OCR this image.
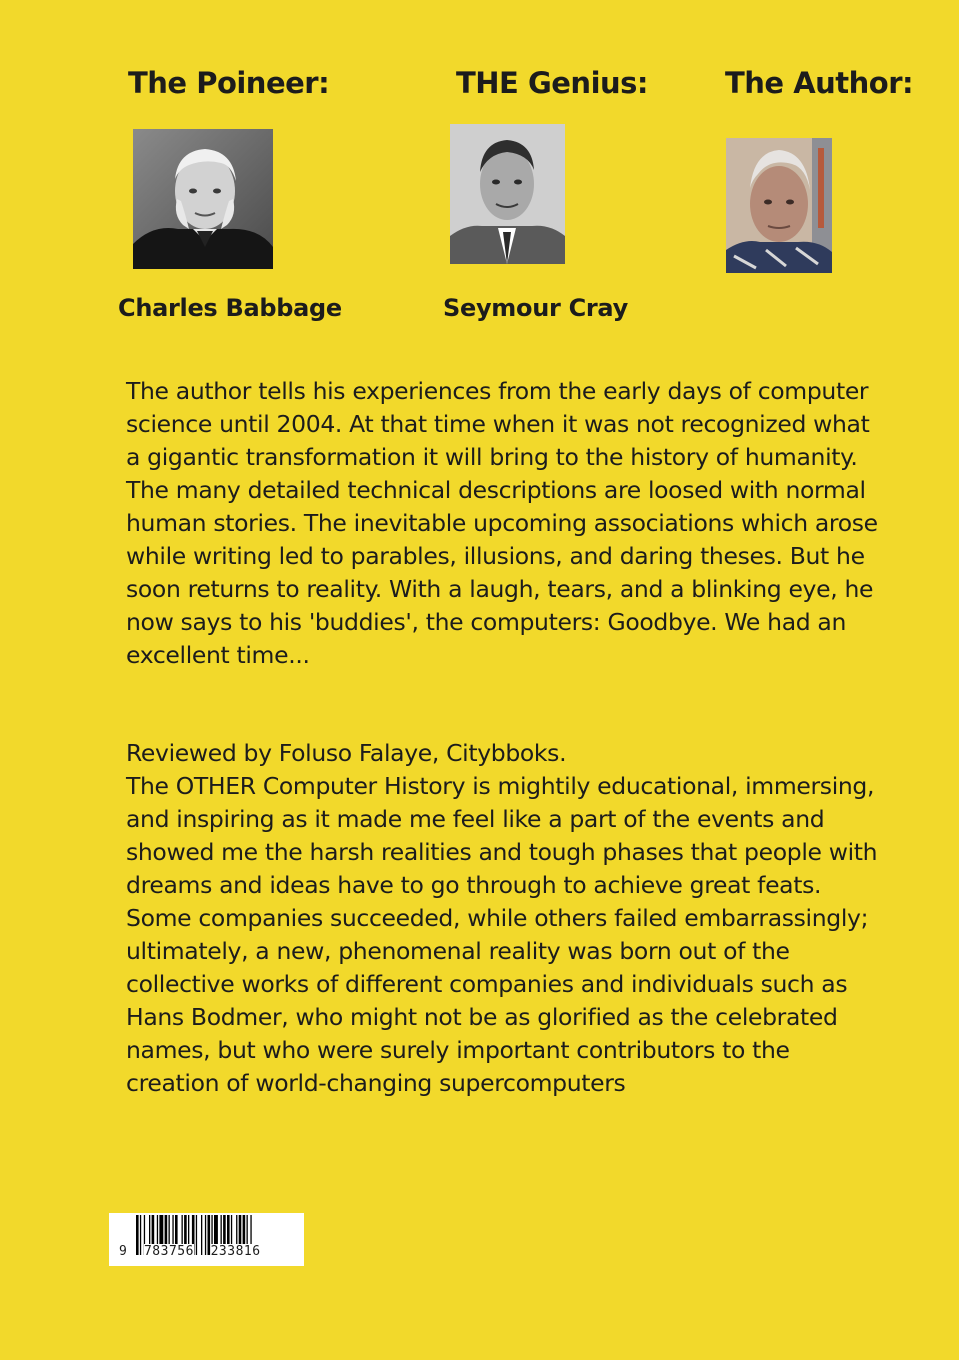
The Poineer:	THE Genius:	The Author:
Charles Babbage	Seymour Cray

The author tells his experiences from the early days of computer science until 2004. At that time when it was not recognized what a gigantic transformation it will bring to the history of humanity.

The many detailed technical descriptions are loosed with normal human stories. The inevitable upcoming associations which arose while writing led to parables, illusions, and daring theses. But he soon returns to reality. With a laugh, tears, and a blinking eye, he now says to his 'buddies', the computers: Goodbye. We had an excellent time...

Reviewed by Foluso Falaye, Citybboks.

The OTHER Computer History is mightily educational, immersing, and inspiring as it made me feel like a part of the events and showed me the harsh realities and tough phases that people with dreams and ideas have to go through to achieve great feats. Some companies succeeded, while others failed embarrassingly; ultimately, a new, phenomenal reality was born out of the collective works of different companies and individuals such as Hans Bodmer, who might not be as glorified as the celebrated names, but who were surely important contributors to the creation of world-changing supercomputers

9 783756 233816
